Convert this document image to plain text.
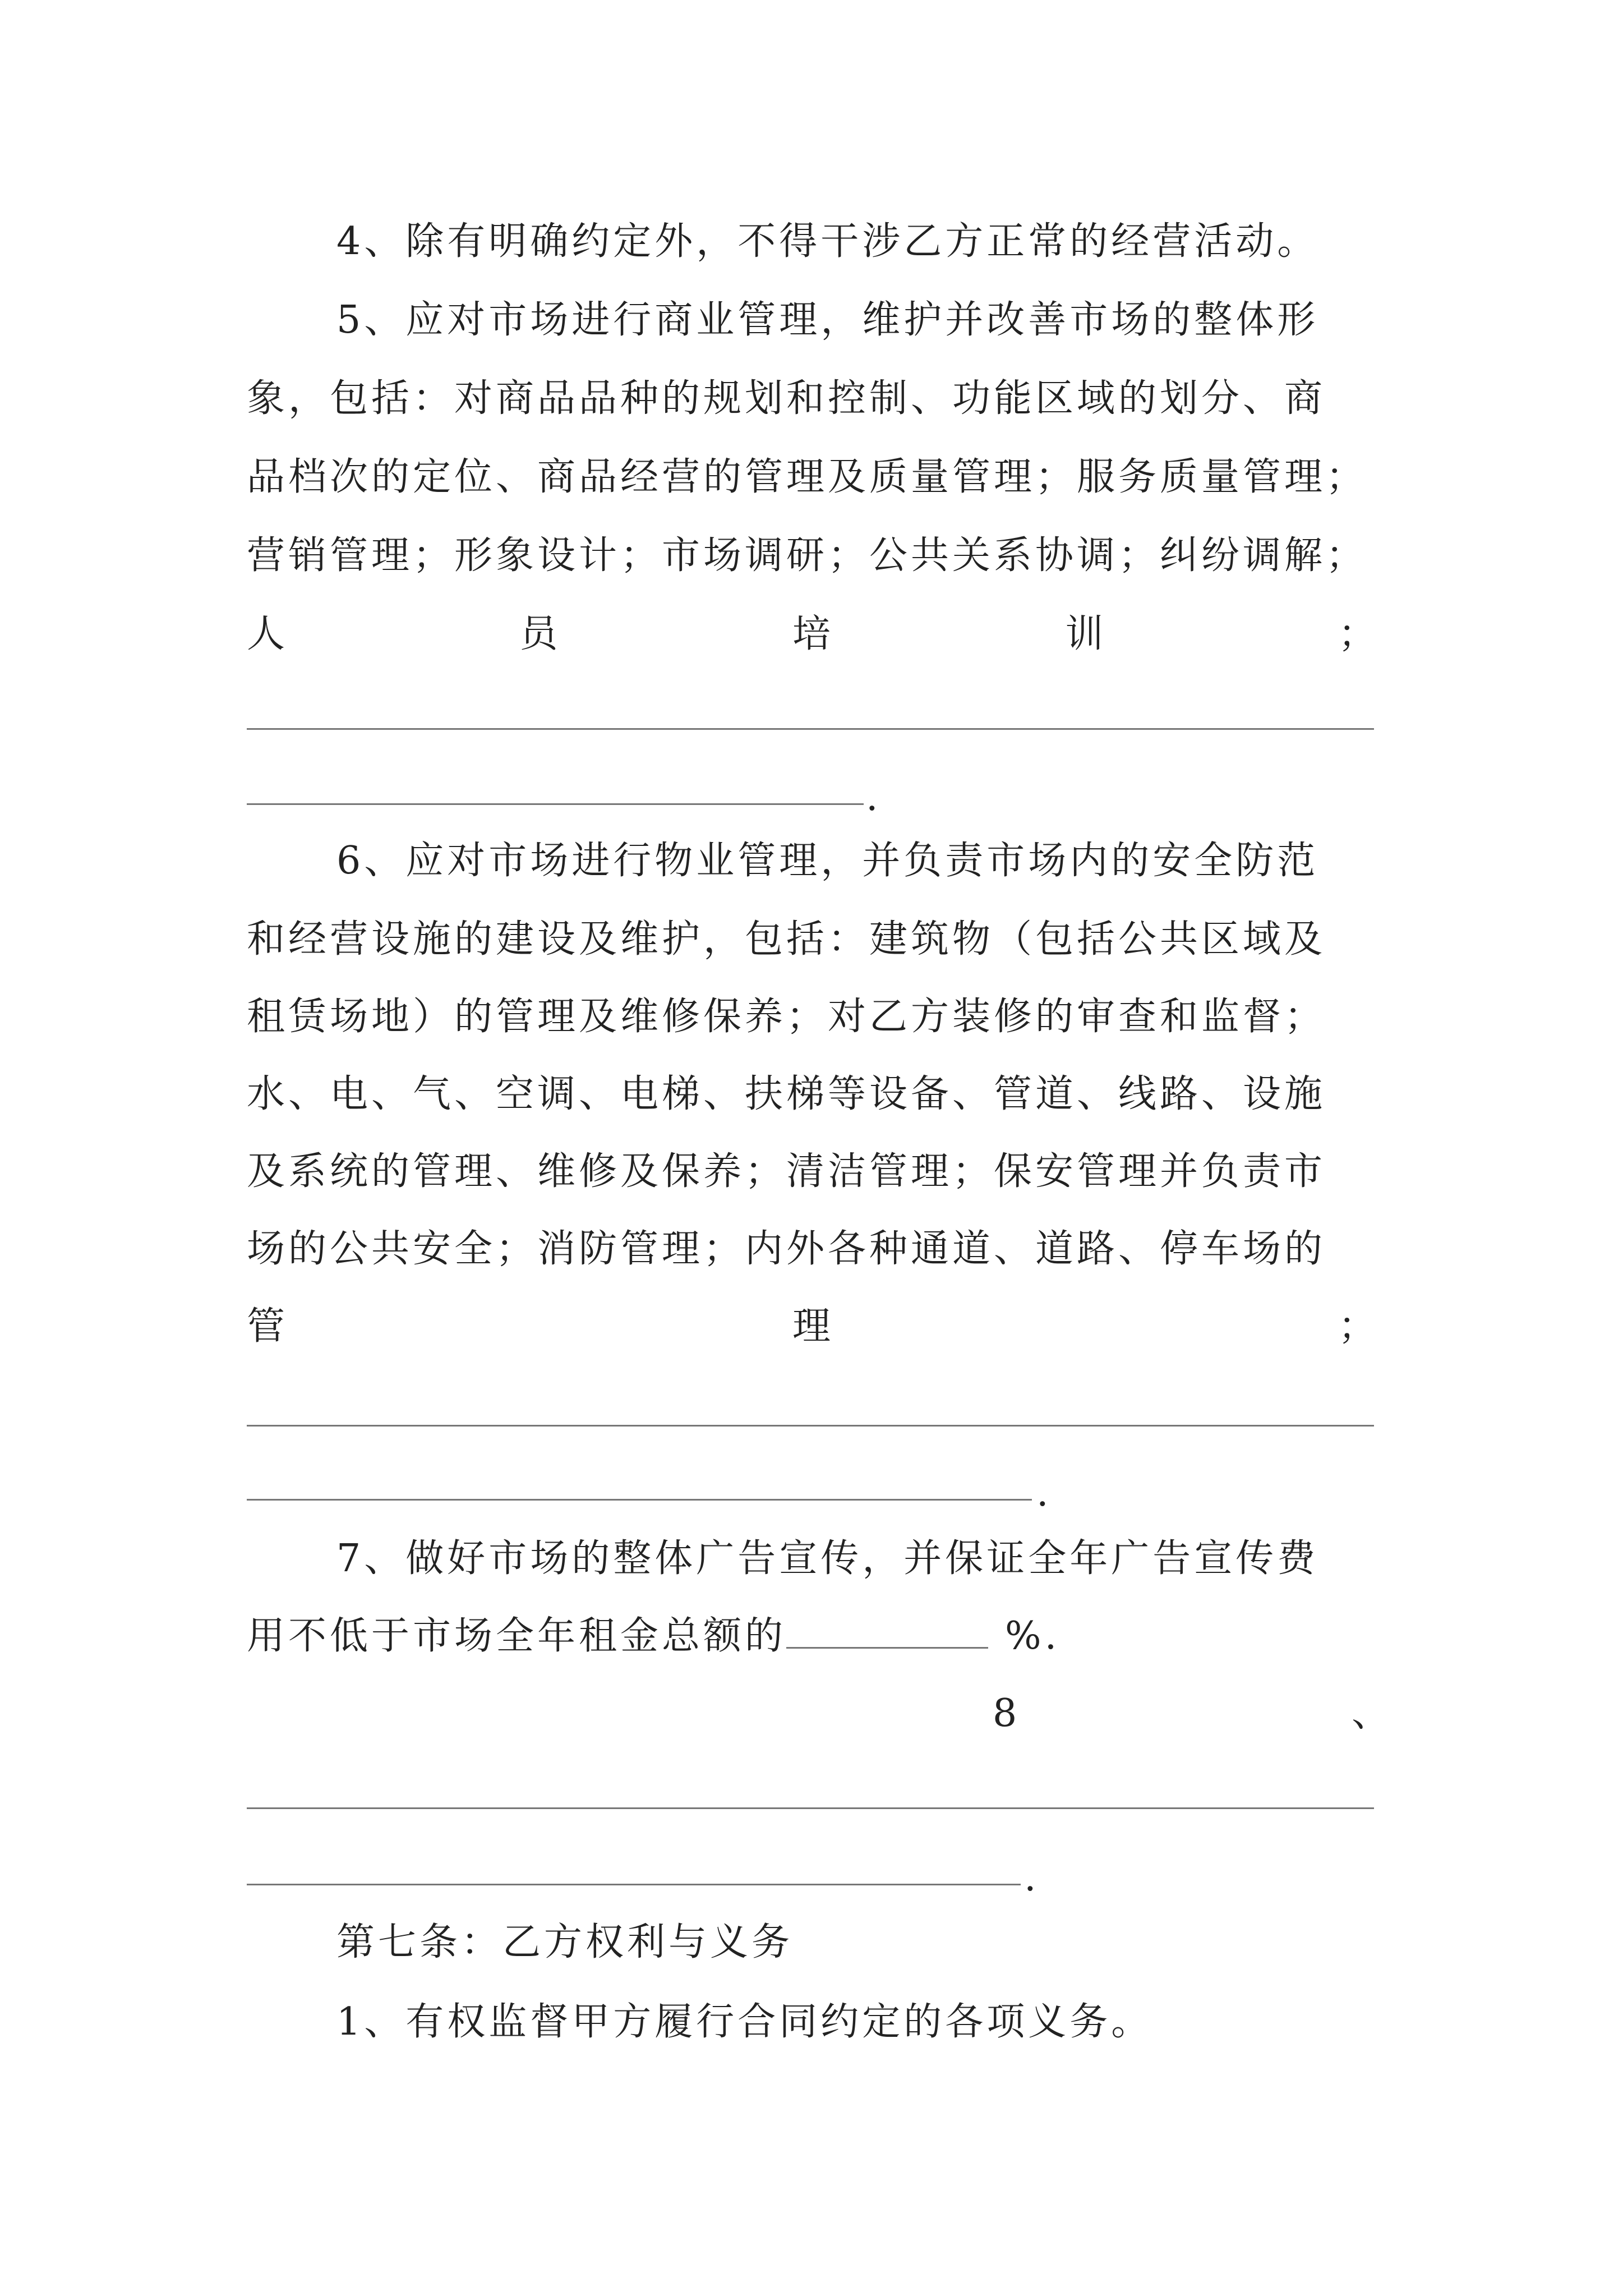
4、除有明确约定外，不得干涉乙方正常的经营活动。
5、应对市场进行商业管理，维护并改善市场的整体形
象，包括：对商品品种的规划和控制、功能区域的划分、商
品档次的定位、商品经营的管理及质量管理；服务质量管理；
营销管理；形象设计；市场调研；公共关系协调；纠纷调解；
人	员	培	训	；
.
6、应对市场进行物业管理，并负责市场内的安全防范
和经营设施的建设及维护，包括：建筑物（包括公共区域及
租赁场地）的管理及维修保养；对乙方装修的审查和监督；
水、电、气、空调、电梯、扶梯等设备、管道、线路、设施
及系统的管理、维修及保养；清洁管理；保安管理并负责市
场的公共安全；消防管理；内外各种通道、道路、停车场的
管	理	；
.
7、做好市场的整体广告宣传，并保证全年广告宣传费
用不低于市场全年租金总额的	%.
8	、
.
第七条：乙方权利与义务
1、有权监督甲方履行合同约定的各项义务。
